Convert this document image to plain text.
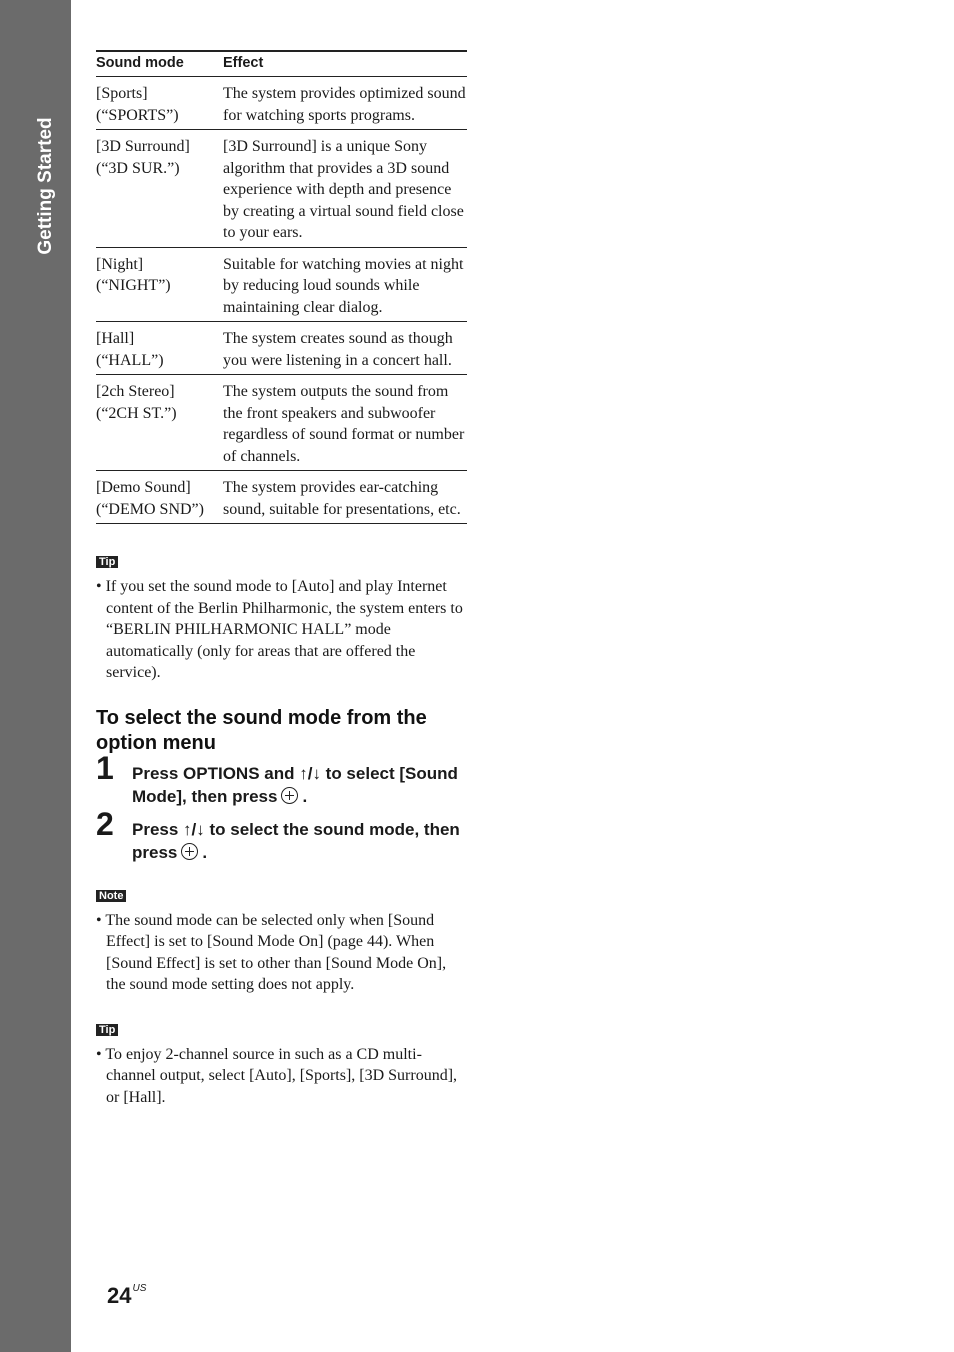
Getting Started
Sound mode	Effect
[Sports]
(“SPORTS”)	The system provides optimized sound for watching sports programs.
[3D Surround]
(“3D SUR.”)	[3D Surround] is a unique Sony algorithm that provides a 3D sound experience with depth and presence by creating a virtual sound field close to your ears.
[Night]
(“NIGHT”)	Suitable for watching movies at night by reducing loud sounds while maintaining clear dialog.
[Hall]
(“HALL”)	The system creates sound as though you were listening in a concert hall.
[2ch Stereo]
(“2CH ST.”)	The system outputs the sound from the front speakers and subwoofer regardless of sound format or number of channels.
[Demo Sound]
(“DEMO SND”)	The system provides ear-catching sound, suitable for presentations, etc.
Tip

• If you set the sound mode to [Auto] and play Internet content of the Berlin Philharmonic, the system enters to “BERLIN PHILHARMONIC HALL” mode automatically (only for areas that are offered the service).

To select the sound mode from the option menu
1 Press OPTIONS and ↑/↓ to select [Sound Mode], then press .
2 Press ↑/↓ to select the sound mode, then press .
Note

• The sound mode can be selected only when [Sound Effect] is set to [Sound Mode On] (page 44). When [Sound Effect] is set to other than [Sound Mode On], the sound mode setting does not apply.

Tip

• To enjoy 2-channel source in such as a CD multi-channel output, select [Auto], [Sports], [3D Surround], or [Hall].

$24^{US}$
